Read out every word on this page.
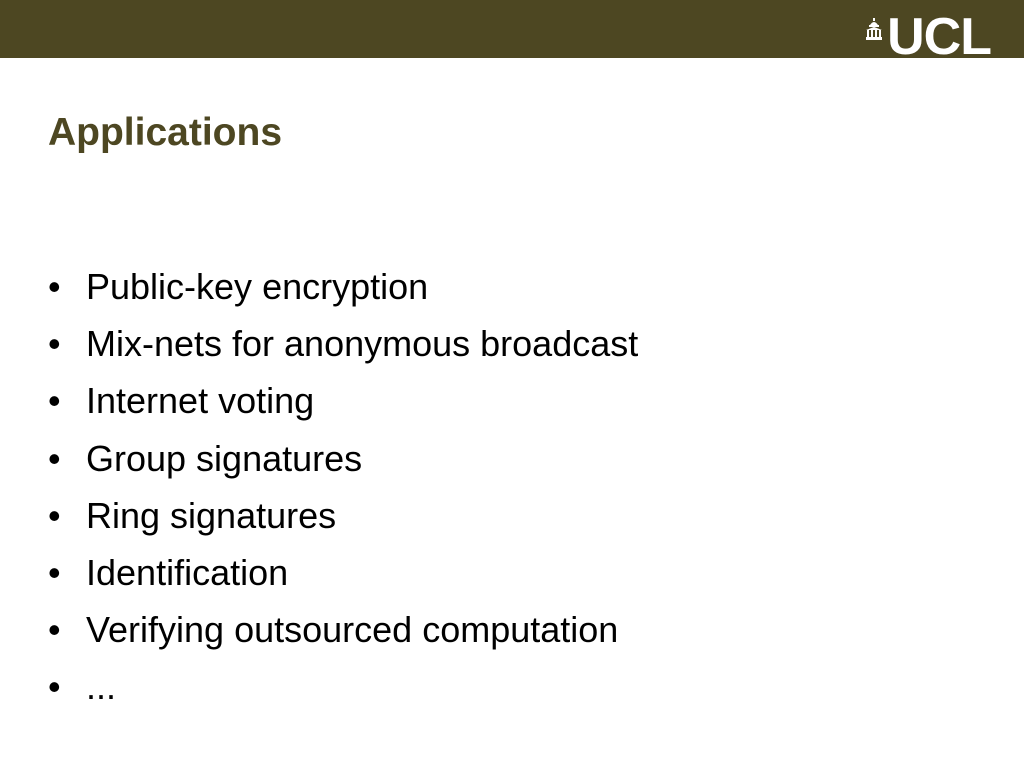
UCL
Applications
• Public-key encryption
• Mix-nets for anonymous broadcast
• Internet voting
• Group signatures
• Ring signatures
• Identification
• Verifying outsourced computation
• ...
